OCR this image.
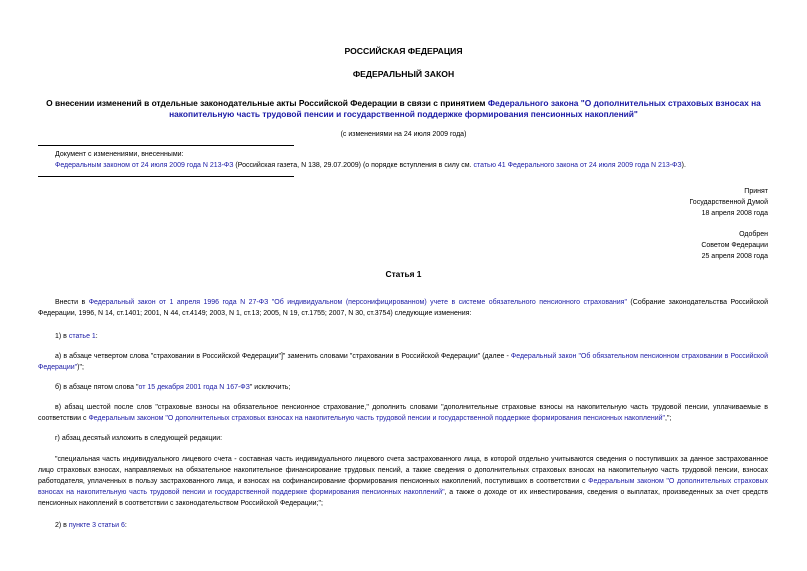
РОССИЙСКАЯ ФЕДЕРАЦИЯ
ФЕДЕРАЛЬНЫЙ ЗАКОН
О внесении изменений в отдельные законодательные акты Российской Федерации в связи с принятием Федерального закона "О дополнительных страховых взносах на накопительную часть трудовой пенсии и государственной поддержке формирования пенсионных накоплений"
(с изменениями на 24 июля 2009 года)
Документ с изменениями, внесенными:
Федеральным законом от 24 июля 2009 года N 213-ФЗ (Российская газета, N 138, 29.07.2009) (о порядке вступления в силу см. статью 41 Федерального закона от 24 июля 2009 года N 213-ФЗ).
Принят
Государственной Думой
18 апреля 2008 года
Одобрен
Советом Федерации
25 апреля 2008 года
Статья 1
Внести в Федеральный закон от 1 апреля 1996 года N 27-ФЗ "Об индивидуальном (персонифицированном) учете в системе обязательного пенсионного страхования" (Собрание законодательства Российской Федерации, 1996, N 14, ст.1401; 2001, N 44, ст.4149; 2003, N 1, ст.13; 2005, N 19, ст.1755; 2007, N 30, ст.3754) следующие изменения:
1) в статье 1:
а) в абзаце четвертом слова "страховании в Российской Федерации"]" заменить словами "страховании в Российской Федерации" (далее - Федеральный закон "Об обязательном пенсионном страховании в Российской Федерации")";
б) в абзаце пятом слова "от 15 декабря 2001 года N 167-ФЗ" исключить;
в) абзац шестой после слов "страховые взносы на обязательное пенсионное страхование," дополнить словами "дополнительные страховые взносы на накопительную часть трудовой пенсии, уплачиваемые в соответствии с Федеральным законом "О дополнительных страховых взносах на накопительную часть трудовой пенсии и государственной поддержке формирования пенсионных накоплений",";
г) абзац десятый изложить в следующей редакции:
"специальная часть индивидуального лицевого счета - составная часть индивидуального лицевого счета застрахованного лица, в которой отдельно учитываются сведения о поступивших за данное застрахованное лицо страховых взносах, направляемых на обязательное накопительное финансирование трудовых пенсий, а также сведения о дополнительных страховых взносах на накопительную часть трудовой пенсии, взносах работодателя, уплаченных в пользу застрахованного лица, и взносах на софинансирование формирования пенсионных накоплений, поступивших в соответствии с Федеральным законом "О дополнительных страховых взносах на накопительную часть трудовой пенсии и государственной поддержке формирования пенсионных накоплений", а также о доходе от их инвестирования, сведения о выплатах, произведенных за счет средств пенсионных накоплений в соответствии с законодательством Российской Федерации;";
2) в пункте 3 статьи 6:
